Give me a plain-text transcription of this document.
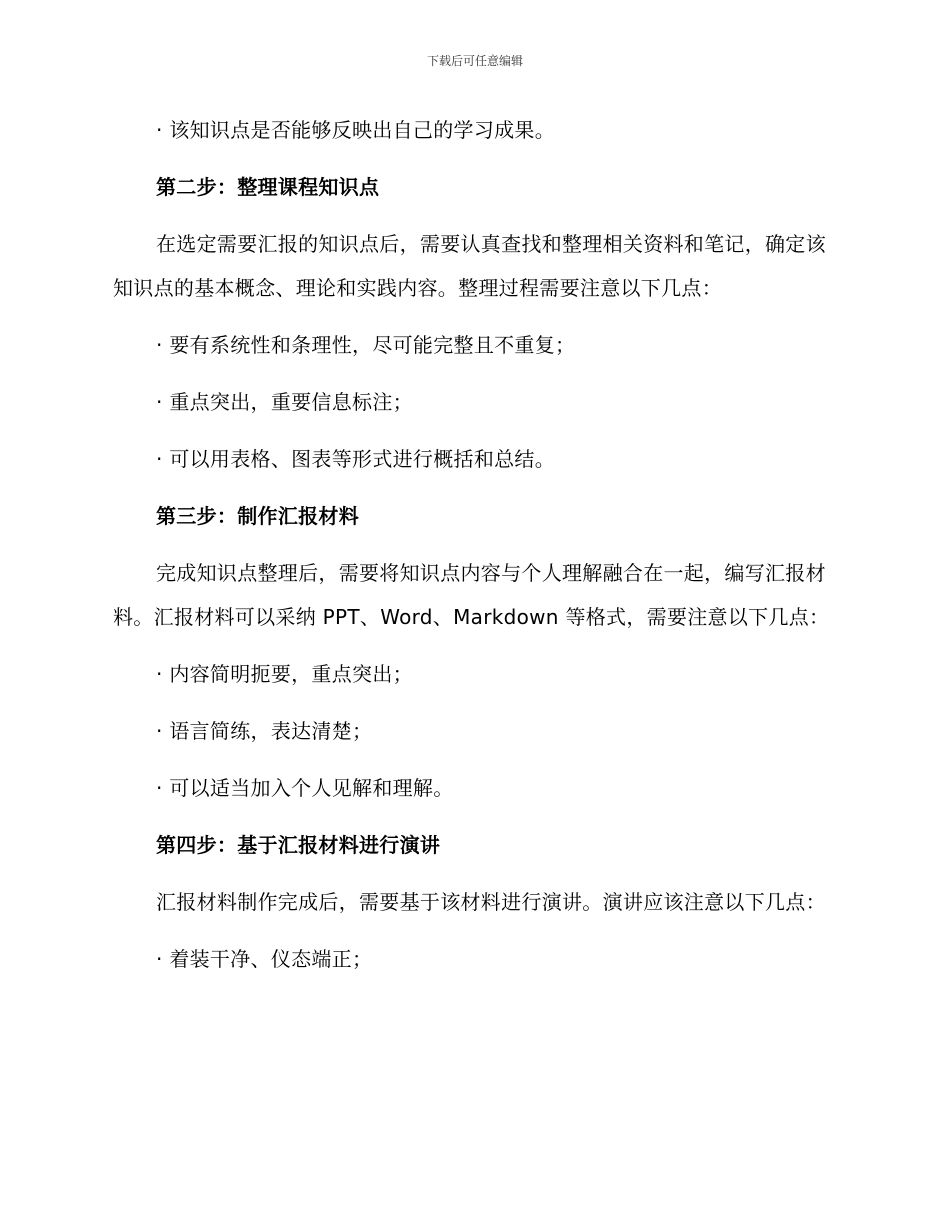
下载后可任意编辑

· 该知识点是否能够反映出自己的学习成果。

第二步：整理课程知识点

在选定需要汇报的知识点后，需要认真查找和整理相关资料和笔记，确定该知识点的基本概念、理论和实践内容。整理过程需要注意以下几点：

· 要有系统性和条理性，尽可能完整且不重复；

· 重点突出，重要信息标注；

· 可以用表格、图表等形式进行概括和总结。

第三步：制作汇报材料

完成知识点整理后，需要将知识点内容与个人理解融合在一起，编写汇报材料。汇报材料可以采纳 PPT、Word、Markdown 等格式，需要注意以下几点：

· 内容简明扼要，重点突出；

· 语言简练，表达清楚；

· 可以适当加入个人见解和理解。

第四步：基于汇报材料进行演讲

汇报材料制作完成后，需要基于该材料进行演讲。演讲应该注意以下几点：

· 着装干净、仪态端正；
